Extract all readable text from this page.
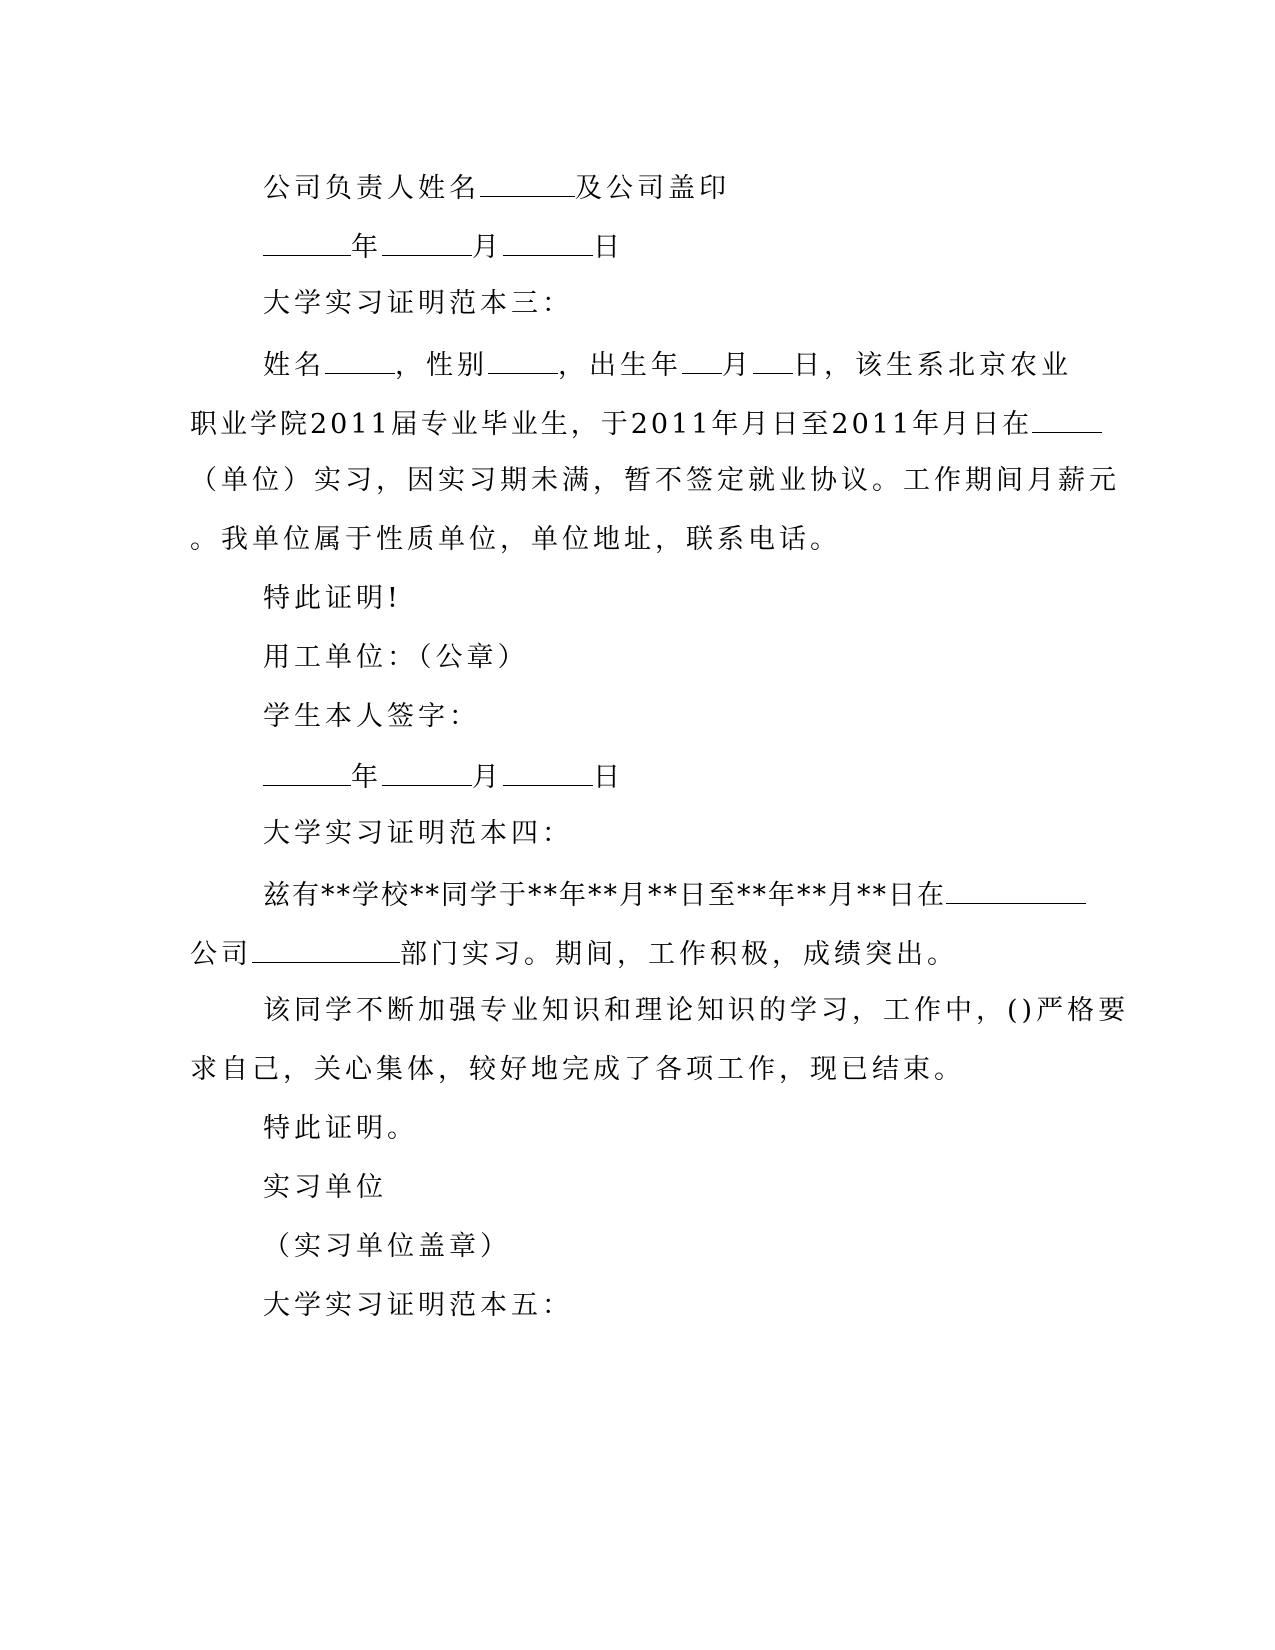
公司负责人姓名	及公司盖印
年	月	日
大学实习证明范本三：
姓名	，性别	，出生年 月 日，该生系北京农业
职业学院2011届专业毕业生，于2011年月日至2011年月日在
（单位）实习，因实习期未满，暂不签定就业协议。工作期间月薪元
。我单位属于性质单位，单位地址，联系电话。
特此证明!
用工单位：（公章）
学生本人签字：
年	月	日
大学实习证明范本四：
兹有**学校**同学于**年**月**日至**年**月**日在
公司	部门实习。期间，工作积极，成绩突出。
该同学不断加强专业知识和理论知识的学习，工作中，()严格要
求自己，关心集体，较好地完成了各项工作，现已结束。
特此证明。
实习单位
（实习单位盖章）
大学实习证明范本五：
